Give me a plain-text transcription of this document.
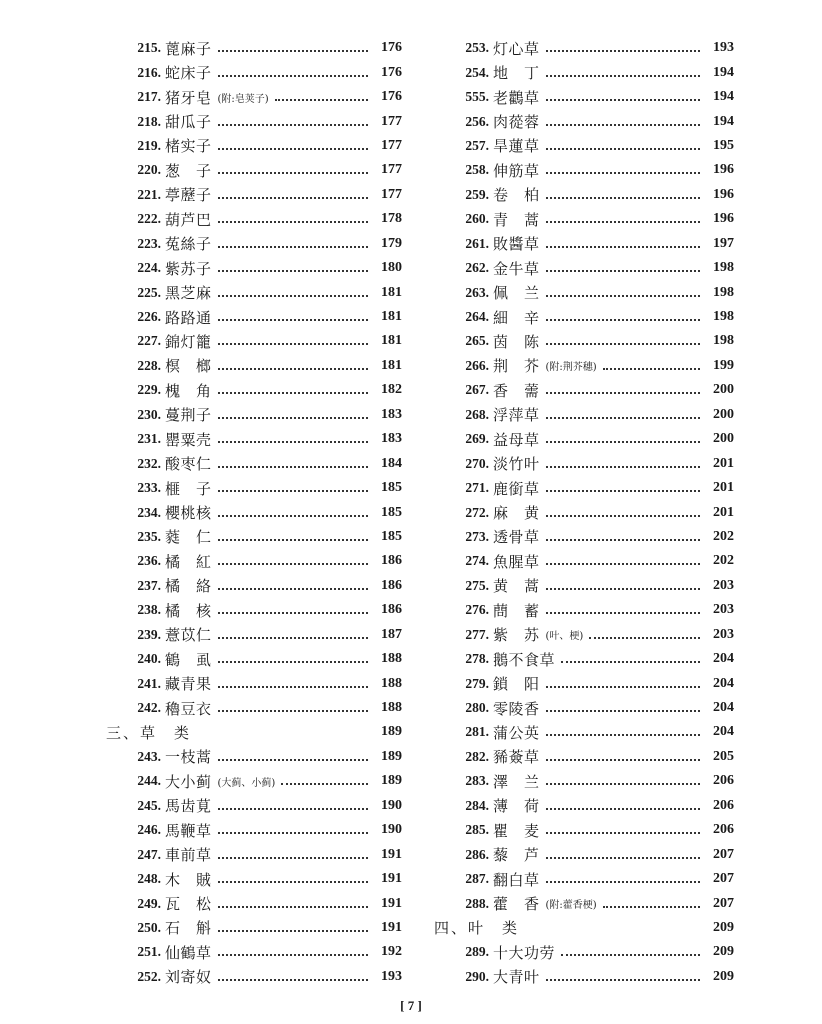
215. 蓖麻子	176
216. 蛇床子	176
217. 猪牙皂 (附:皂荚子)	176
218. 甜瓜子	177
219. 楮实子	177
220. 葱　子	177
221. 葶藶子	177
222. 葫芦巴	178
223. 菟絲子	179
224. 紫苏子	180
225. 黑芝麻	181
226. 路路通	181
227. 錦灯籠	181
228. 榠　榔	181
229. 槐　角	182
230. 蔓荆子	183
231. 罌粟壳	183
232. 酸枣仁	184
233. 榧　子	185
234. 櫻桃核	185
235. 蕤　仁	185
236. 橘　紅	186
237. 橘　絡	186
238. 橘　核	186
239. 薏苡仁	187
240. 鶴　虱	188
241. 藏青果	188
242. 穭豆衣	188
三、草　类	189
243. 一枝蒿	189
244. 大小蓟 (大蓟、小蓟)	189
245. 馬齿莧	190
246. 馬鞭草	190
247. 車前草	191
248. 木　賊	191
249. 瓦　松	191
250. 石　斛	191
251. 仙鶴草	192
252. 刘寄奴	193
253. 灯心草	193
254. 地　丁	194
555. 老鸛草	194
256. 肉蓯蓉	194
257. 旱蓮草	195
258. 伸筋草	196
259. 卷　柏	196
260. 青　蒿	196
261. 敗醬草	197
262. 金牛草	198
263. 佩　兰	198
264. 細　辛	198
265. 茵　陈	198
266. 荆　芥 (附:荆芥穗)	199
267. 香　薷	200
268. 浮萍草	200
269. 益母草	200
270. 淡竹叶	201
271. 鹿銜草	201
272. 麻　黄	201
273. 透骨草	202
274. 魚腥草	202
275. 黄　蒿	203
276. 蔄　蓄	203
277. 紫　苏 (叶、梗)	203
278. 鵝不食草	204
279. 鎖　阳	204
280. 零陵香	204
281. 蒲公英	204
282. 豨薟草	205
283. 澤　兰	206
284. 薄　荷	206
285. 瞿　麦	206
286. 藜　芦	207
287. 翻白草	207
288. 藿　香 (附:藿香梗)	207
四、叶　类	209
289. 十大功劳	209
290. 大青叶	209
[ 7 ]
